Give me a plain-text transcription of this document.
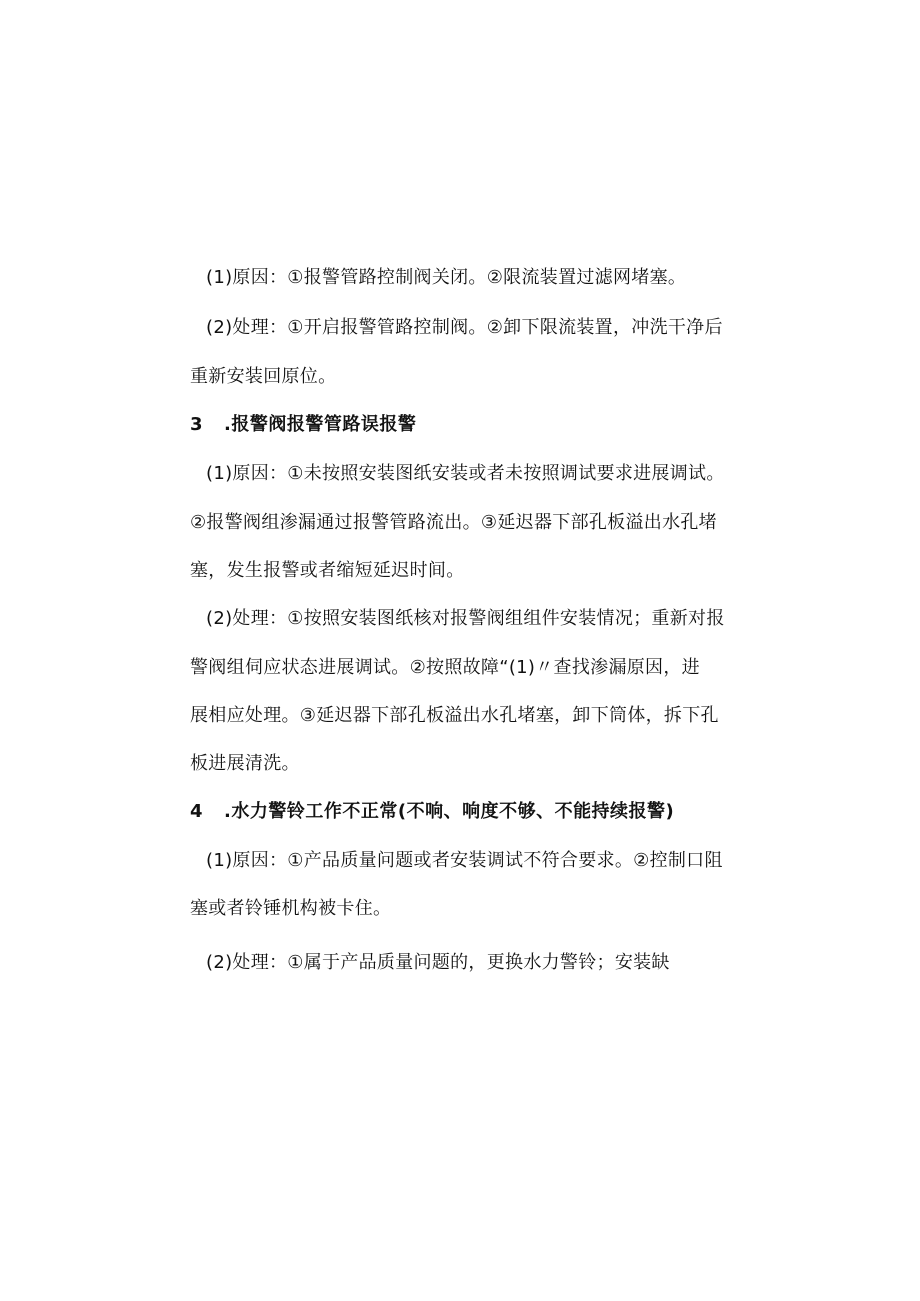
(1)原因：①报警管路控制阀关闭。②限流装置过滤网堵塞。
(2)处理：①开启报警管路控制阀。②卸下限流装置，冲洗干净后
重新安装回原位。
3 .报警阀报警管路误报警
(1)原因：①未按照安装图纸安装或者未按照调试要求进展调试。
②报警阀组渗漏通过报警管路流出。③延迟器下部孔板溢出水孔堵
塞，发生报警或者缩短延迟时间。
(2)处理：①按照安装图纸核对报警阀组组件安装情况；重新对报
警阀组伺应状态进展调试。②按照故障“(1)〃查找渗漏原因，进
展相应处理。③延迟器下部孔板溢出水孔堵塞，卸下筒体，拆下孔
板进展清洗。
4 .水力警铃工作不正常(不响、响度不够、不能持续报警)
(1)原因：①产品质量问题或者安装调试不符合要求。②控制口阻
塞或者铃锤机构被卡住。
(2)处理：①属于产品质量问题的，更换水力警铃；安装缺
